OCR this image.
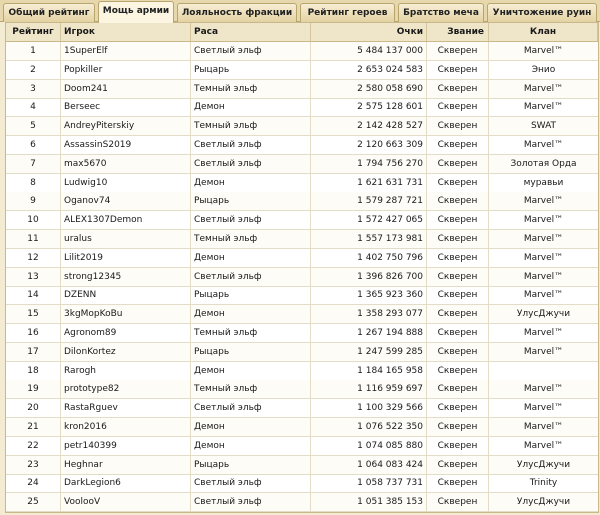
Общий рейтинг	Мощь армии	Лояльность фракции	Рейтинг героев	Братство меча	Уничтожение руин
Рейтинг	Игрок	Раса	Очки	Звание	Клан
1	1SuperElf	Светлый эльф	5 484 137 000	Скверен	Marvel™
2	Popkiller	Рыцарь	2 653 024 583	Скверен	Энио
3	Doom241	Темный эльф	2 580 058 690	Скверен	Marvel™
4	Berseec	Демон	2 575 128 601	Скверен	Marvel™
5	AndreyPiterskiy	Темный эльф	2 142 428 527	Скверен	SWAT
6	AssassinS2019	Светлый эльф	2 120 663 309	Скверен	Marvel™
7	max5670	Светлый эльф	1 794 756 270	Скверен	Золотая Орда
8	Ludwig10	Демон	1 621 631 731	Скверен	муравьи
9	Oganov74	Рыцарь	1 579 287 721	Скверен	Marvel™
10	ALEX1307Demon	Светлый эльф	1 572 427 065	Скверен	Marvel™
11	uralus	Темный эльф	1 557 173 981	Скверен	Marvel™
12	Lilit2019	Демон	1 402 750 796	Скверен	Marvel™
13	strong12345	Светлый эльф	1 396 826 700	Скверен	Marvel™
14	DZENN	Рыцарь	1 365 923 360	Скверен	Marvel™
15	3kgMopKoBu	Демон	1 358 293 077	Скверен	УлусДжучи
16	Agronom89	Темный эльф	1 267 194 888	Скверен	Marvel™
17	DilonKortez	Рыцарь	1 247 599 285	Скверен	Marvel™
18	Rarogh	Демон	1 184 165 958	Скверен
19	prototype82	Темный эльф	1 116 959 697	Скверен	Marvel™
20	RastaRguev	Светлый эльф	1 100 329 566	Скверен	Marvel™
21	kron2016	Демон	1 076 522 350	Скверен	Marvel™
22	petr140399	Демон	1 074 085 880	Скверен	Marvel™
23	Heghnar	Рыцарь	1 064 083 424	Скверен	УлусДжучи
24	DarkLegion6	Светлый эльф	1 058 737 731	Скверен	Trinity
25	VoolooV	Светлый эльф	1 051 385 153	Скверен	УлусДжучи
